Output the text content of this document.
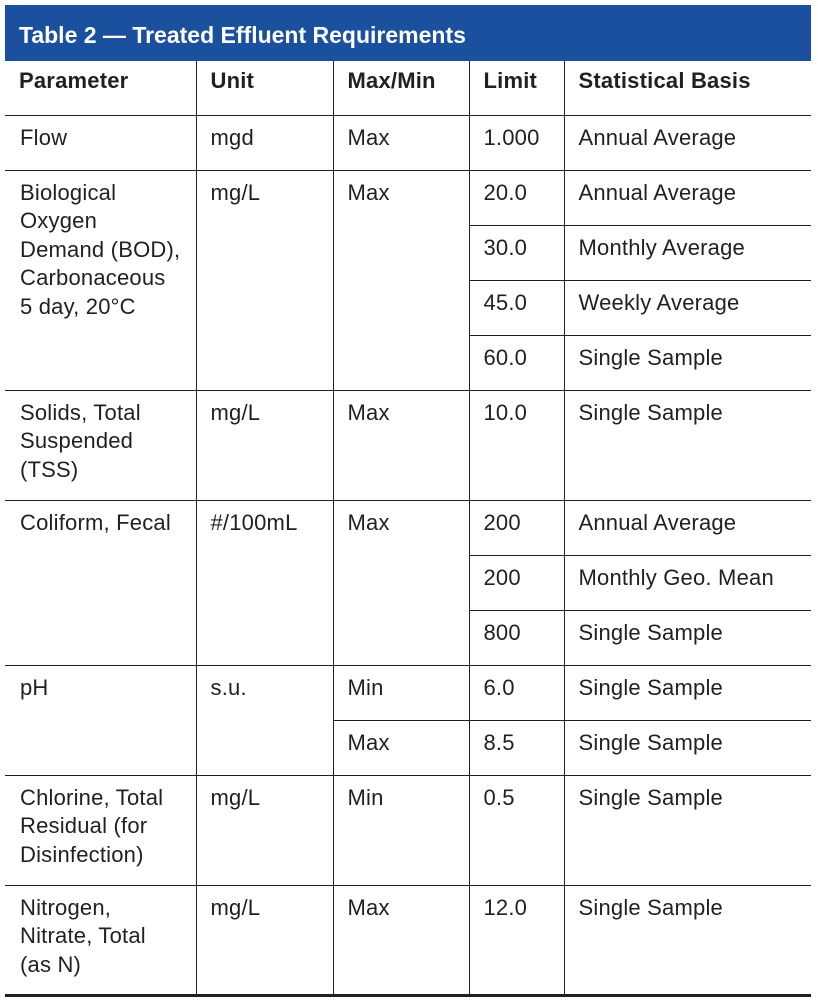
Table 2 — Treated Effluent Requirements
Parameter	Unit	Max/Min	Limit	Statistical Basis
Flow	mgd	Max	1.000	Annual Average
Biological Oxygen Demand (BOD), Carbonaceous 5 day, 20°C	mg/L	Max	20.0	Annual Average
			30.0	Monthly Average
			45.0	Weekly Average
			60.0	Single Sample
Solids, Total Suspended (TSS)	mg/L	Max	10.0	Single Sample
Coliform, Fecal	#/100mL	Max	200	Annual Average
			200	Monthly Geo. Mean
			800	Single Sample
pH	s.u.	Min	6.0	Single Sample
		Max	8.5	Single Sample
Chlorine, Total Residual (for Disinfection)	mg/L	Min	0.5	Single Sample
Nitrogen, Nitrate, Total (as N)	mg/L	Max	12.0	Single Sample
